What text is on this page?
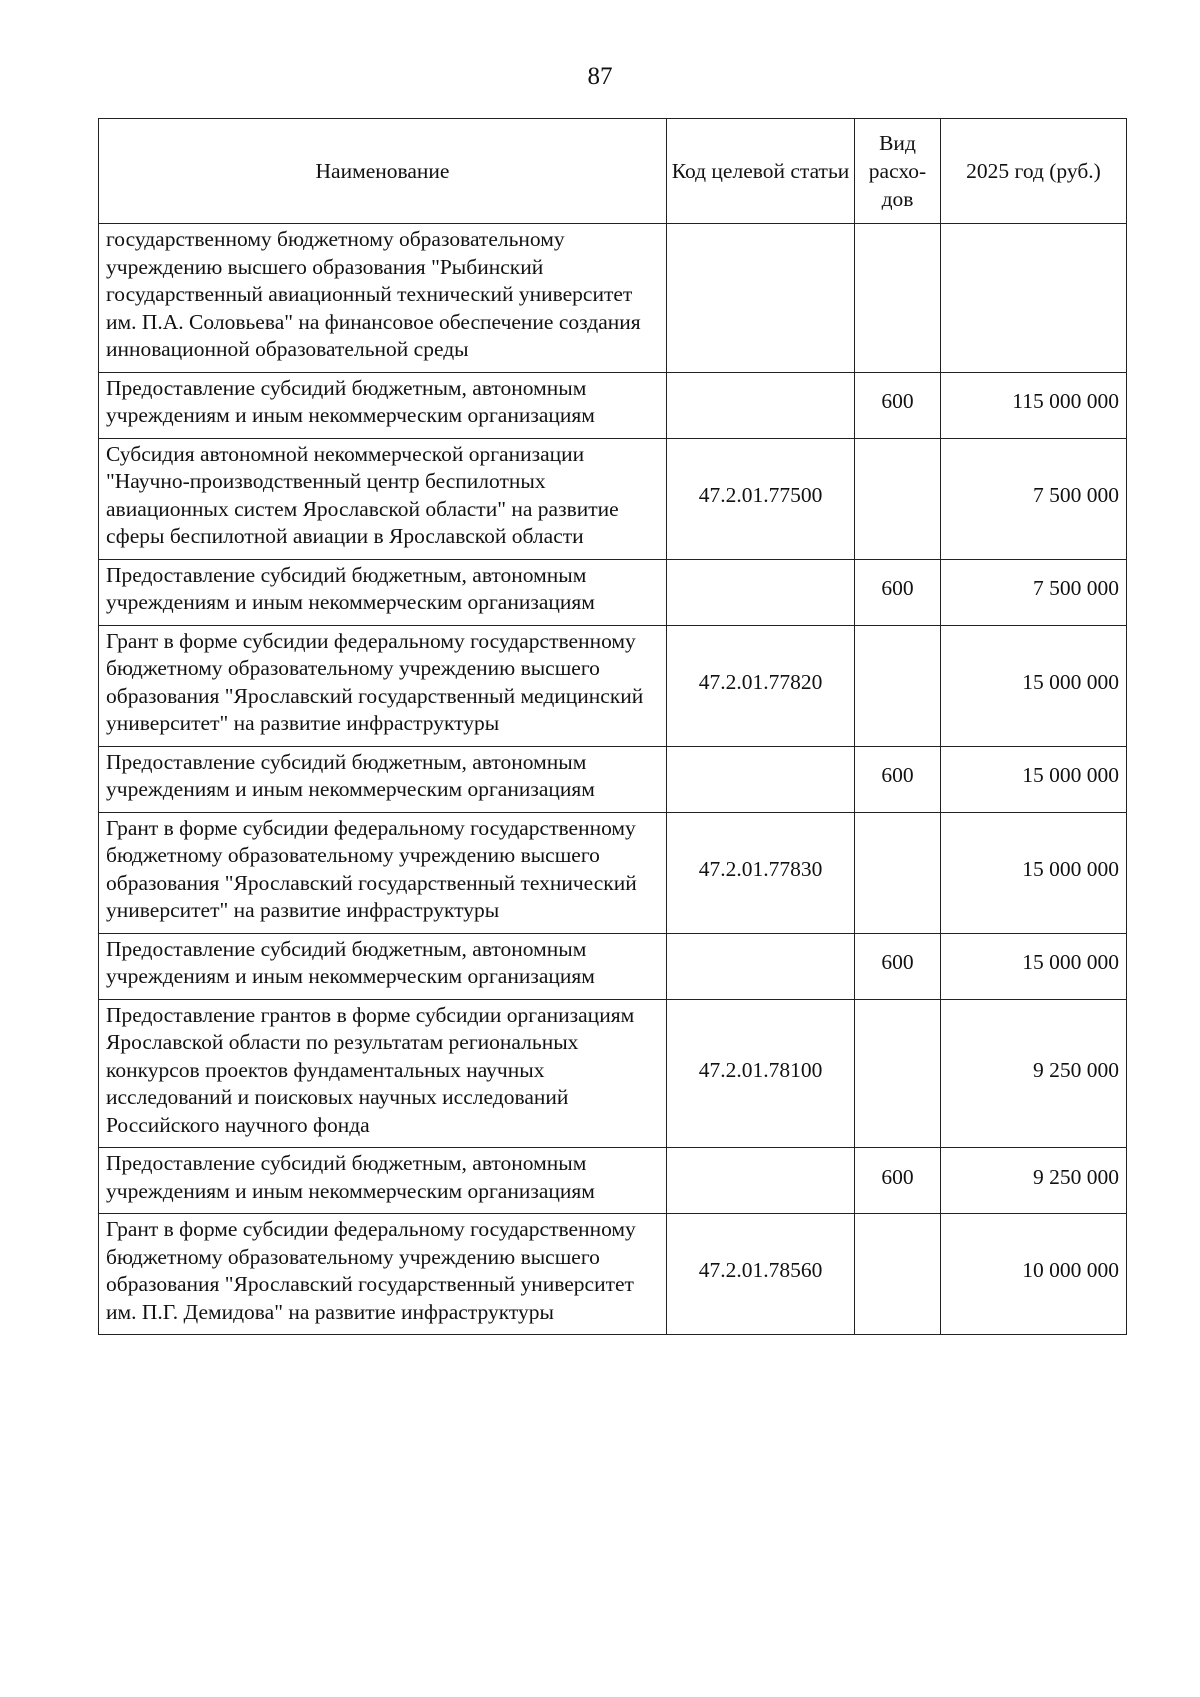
87
Наименование	Код целевой статьи	Вид расхо-дов	2025 год (руб.)
государственному бюджетному образовательному учреждению высшего образования "Рыбинский государственный авиационный технический университет им. П.А. Соловьева" на финансовое обеспечение создания инновационной образовательной среды			
Предоставление субсидий бюджетным, автономным учреждениям и иным некоммерческим организациям		600	115 000 000
Субсидия автономной некоммерческой организации "Научно-производственный центр беспилотных авиационных систем Ярославской области" на развитие сферы беспилотной авиации в Ярославской области	47.2.01.77500		7 500 000
Предоставление субсидий бюджетным, автономным учреждениям и иным некоммерческим организациям		600	7 500 000
Грант в форме субсидии федеральному государственному бюджетному образовательному учреждению высшего образования "Ярославский государственный медицинский университет" на развитие инфраструктуры	47.2.01.77820		15 000 000
Предоставление субсидий бюджетным, автономным учреждениям и иным некоммерческим организациям		600	15 000 000
Грант в форме субсидии федеральному государственному бюджетному образовательному учреждению высшего образования "Ярославский государственный технический университет" на развитие инфраструктуры	47.2.01.77830		15 000 000
Предоставление субсидий бюджетным, автономным учреждениям и иным некоммерческим организациям		600	15 000 000
Предоставление грантов в форме субсидии организациям Ярославской области по результатам региональных конкурсов проектов фундаментальных научных исследований и поисковых научных исследований Российского научного фонда	47.2.01.78100		9 250 000
Предоставление субсидий бюджетным, автономным учреждениям и иным некоммерческим организациям		600	9 250 000
Грант в форме субсидии федеральному государственному бюджетному образовательному учреждению высшего образования "Ярославский государственный университет им. П.Г. Демидова" на развитие инфраструктуры	47.2.01.78560		10 000 000
